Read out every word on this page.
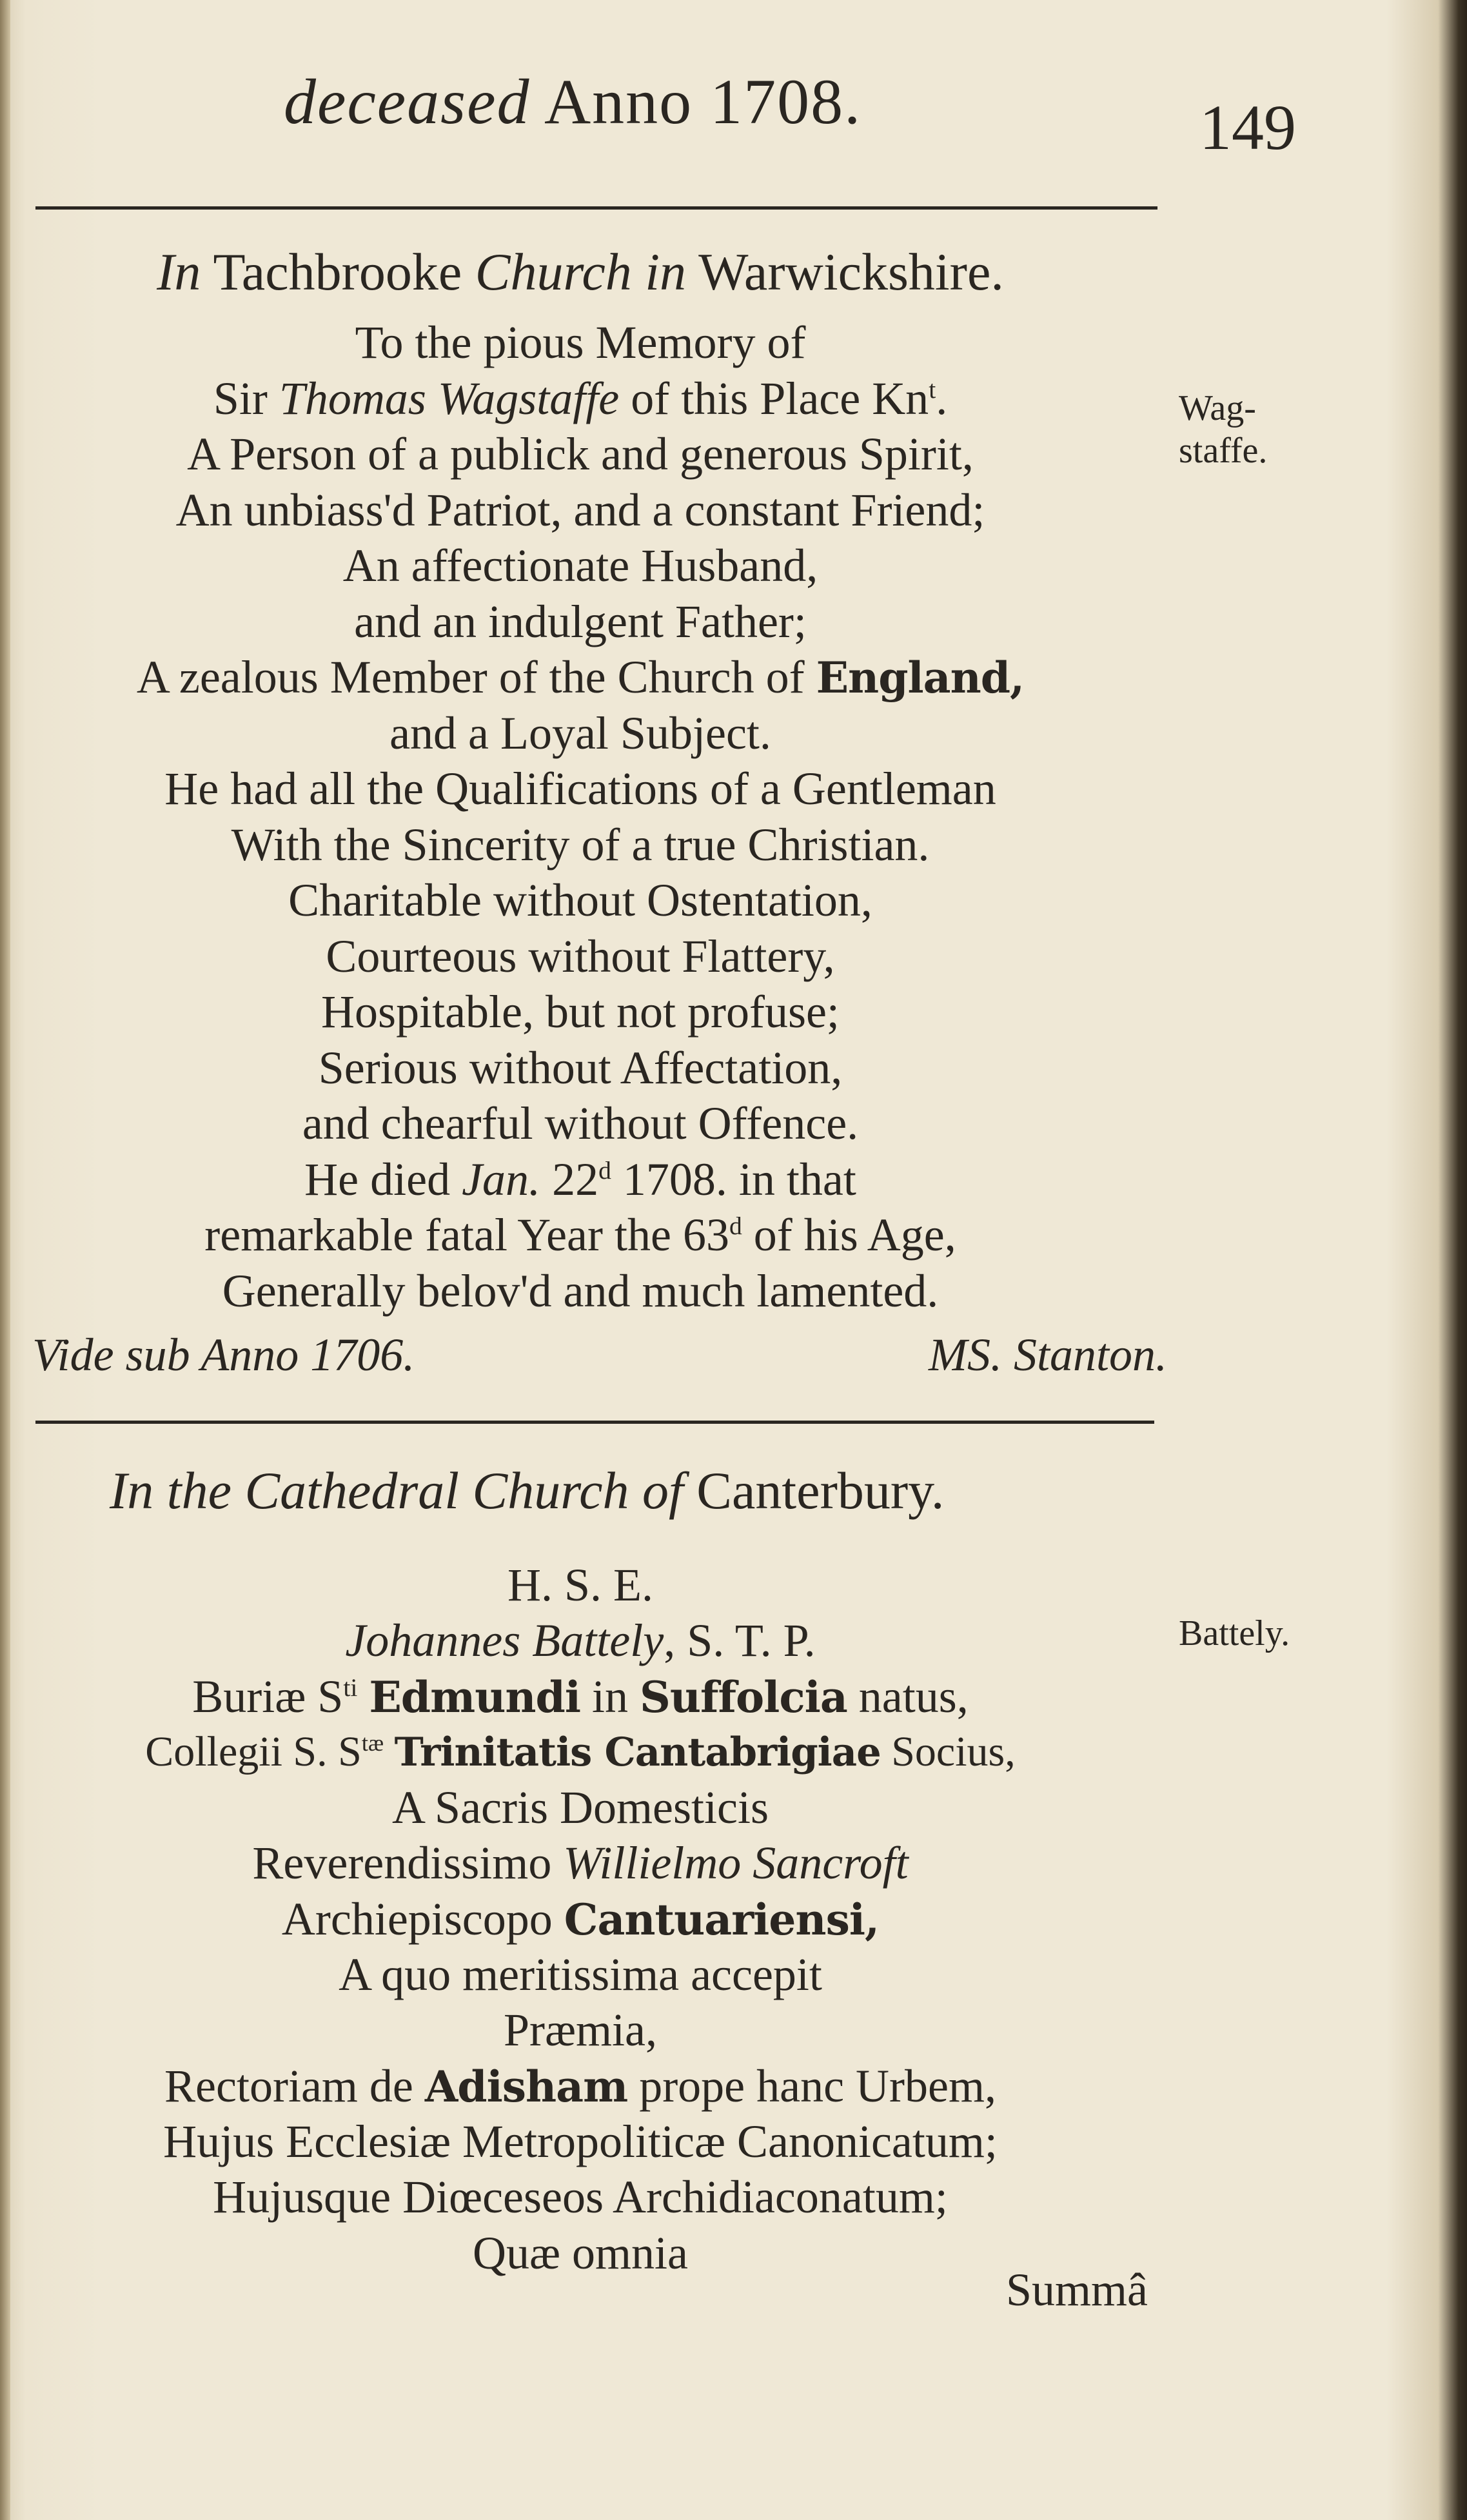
deceased Anno 1708.	149
In Tachbrooke Church in Warwickshire.
Wag-
staffe.
To the pious Memory of
Sir Thomas Wagstaffe of this Place Kn$^t$.
A Person of a publick and generous Spirit,
An unbiass'd Patriot, and a constant Friend;
An affectionate Husband,
and an indulgent Father;
A zealous Member of the Church of England,
and a Loyal Subject.
He had all the Qualifications of a Gentleman
With the Sincerity of a true Christian.
Charitable without Ostentation,
Courteous without Flattery,
Hospitable, but not profuse;
Serious without Affectation,
and chearful without Offence.
He died Jan. 22$^d$ 1708. in that
remarkable fatal Year the 63$^d$ of his Age,
Generally belov'd and much lamented.
Vide sub Anno 1706.	MS. Stanton.
In the Cathedral Church of Canterbury.
Battely.
H. S. E.
Johannes Battely, S. T. P.
Buriæ $S^{ti}$ Edmundi in Suffolcia natus,
Collegii S. $S^{tæ}$ Trinitatis Cantabrigiae Socius,
A Sacris Domesticis
Reverendissimo Willielmo Sancroft
Archiepiscopo Cantuariensi,
A quo meritissima accepit
Præmia,
Rectoriam de Adisham prope hanc Urbem,
Hujus Ecclesiæ Metropoliticæ Canonicatum;
Hujusque Diœceseos Archidiaconatum;
Quæ omnia
Summâ
